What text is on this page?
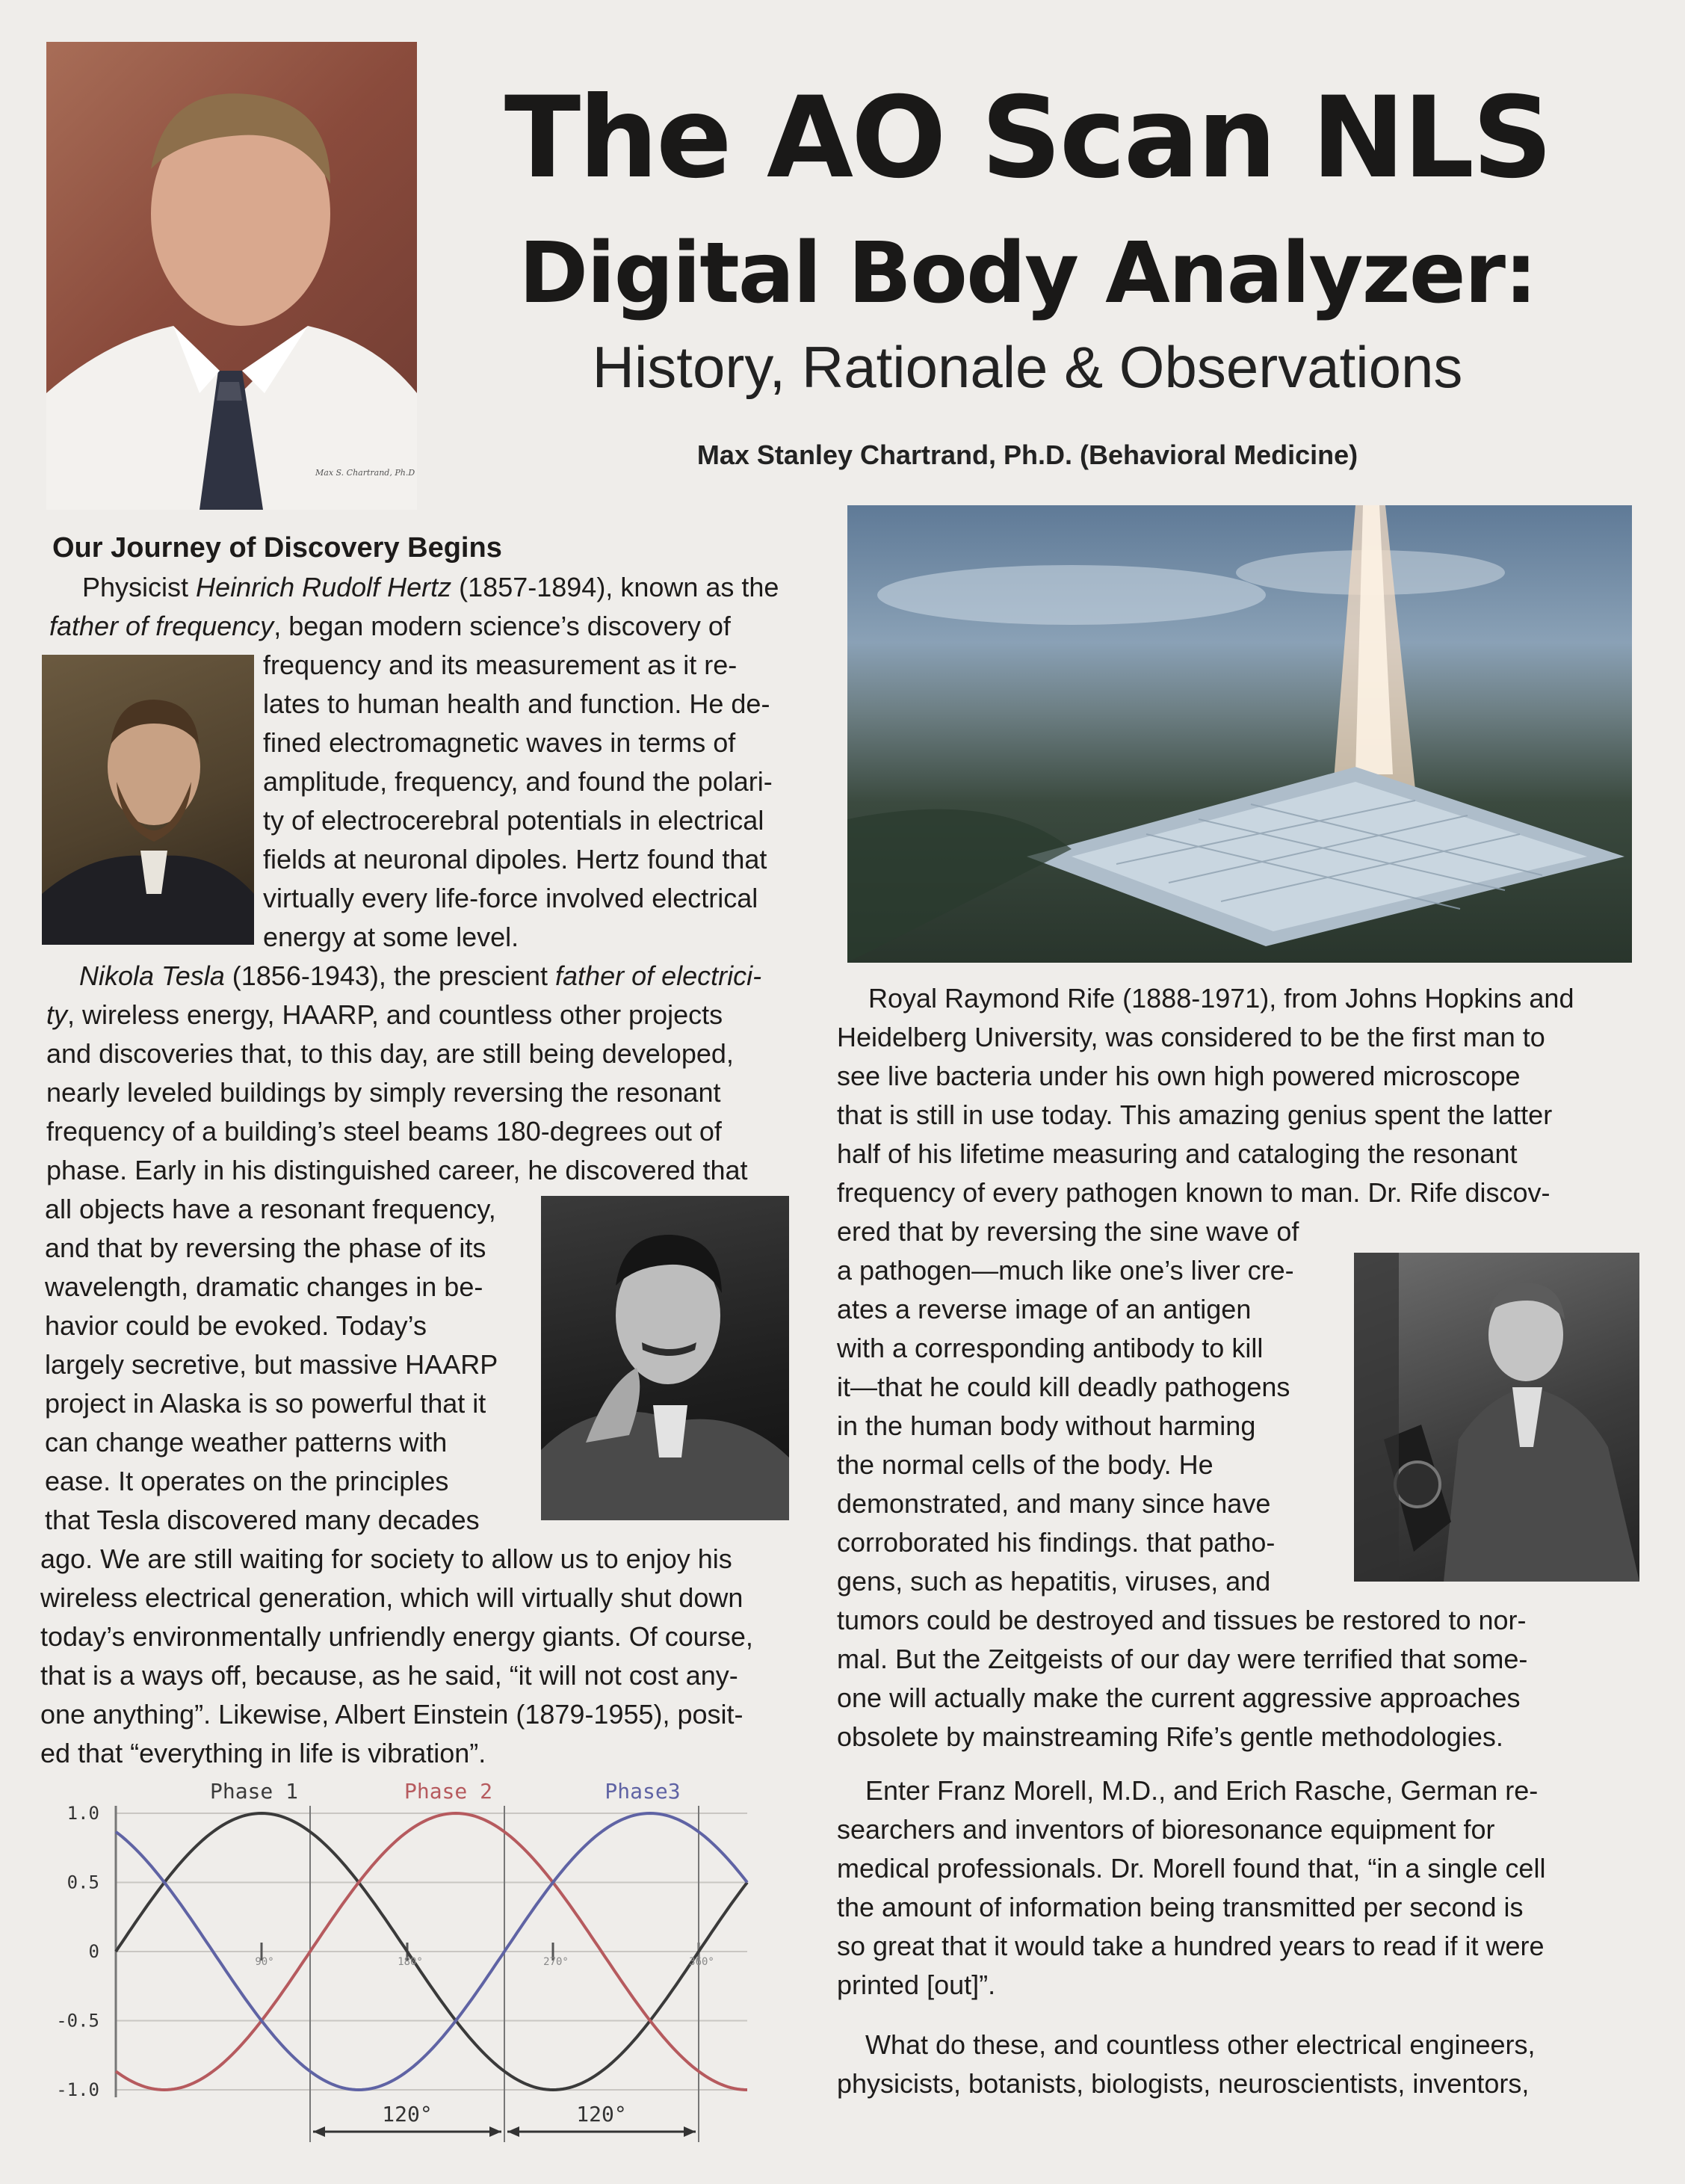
Max S. Chartrand, Ph.D
The AO Scan NLS
Digital Body Analyzer:
History, Rationale & Observations
Max Stanley Chartrand, Ph.D. (Behavioral Medicine)
Our Journey of Discovery Begins
Physicist Heinrich Rudolf Hertz (1857-1894), known as the
father of frequency, began modern science’s discovery of
frequency and its measurement as it re-
lates to human health and function. He de-
fined electromagnetic waves in terms of
amplitude, frequency, and found the polari-
ty of electrocerebral potentials in electrical
fields at neuronal dipoles. Hertz found that
virtually every life-force involved electrical
energy at some level.
Nikola Tesla (1856-1943), the prescient father of electrici-
ty, wireless energy, HAARP, and countless other projects
and discoveries that, to this day, are still being developed,
nearly leveled buildings by simply reversing the resonant
frequency of a building’s steel beams 180-degrees out of
phase. Early in his distinguished career, he discovered that
all objects have a resonant frequency,
and that by reversing the phase of its
wavelength, dramatic changes in be-
havior could be evoked. Today’s
largely secretive, but massive HAARP
project in Alaska is so powerful that it
can change weather patterns with
ease. It operates on the principles
that Tesla discovered many decades
ago. We are still waiting for society to allow us to enjoy his
wireless electrical generation, which will virtually shut down
today’s environmentally unfriendly energy giants. Of course,
that is a ways off, because, as he said, “it will not cost any-
one anything”. Likewise, Albert Einstein (1879-1955), posit-
ed that “everything in life is vibration”.
1.0
0.5
0
-0.5
-1.0
90°	180°	270°	360°
Phase 1	Phase 2	Phase3
120°	120°
Royal Raymond Rife (1888-1971), from Johns Hopkins and
Heidelberg University, was considered to be the first man to
see live bacteria under his own high powered microscope
that is still in use today. This amazing genius spent the latter
half of his lifetime measuring and cataloging the resonant
frequency of every pathogen known to man. Dr. Rife discov-
ered that by reversing the sine wave of
a pathogen—much like one’s liver cre-
ates a reverse image of an antigen
with a corresponding antibody to kill
it—that he could kill deadly pathogens
in the human body without harming
the normal cells of the body. He
demonstrated, and many since have
corroborated his findings. that patho-
gens, such as hepatitis, viruses, and
tumors could be destroyed and tissues be restored to nor-
mal. But the Zeitgeists of our day were terrified that some-
one will actually make the current aggressive approaches
obsolete by mainstreaming Rife’s gentle methodologies.
Enter Franz Morell, M.D., and Erich Rasche, German re-
searchers and inventors of bioresonance equipment for
medical professionals. Dr. Morell found that, “in a single cell
the amount of information being transmitted per second is
so great that it would take a hundred years to read if it were
printed [out]”.
What do these, and countless other electrical engineers,
physicists, botanists, biologists, neuroscientists, inventors,
